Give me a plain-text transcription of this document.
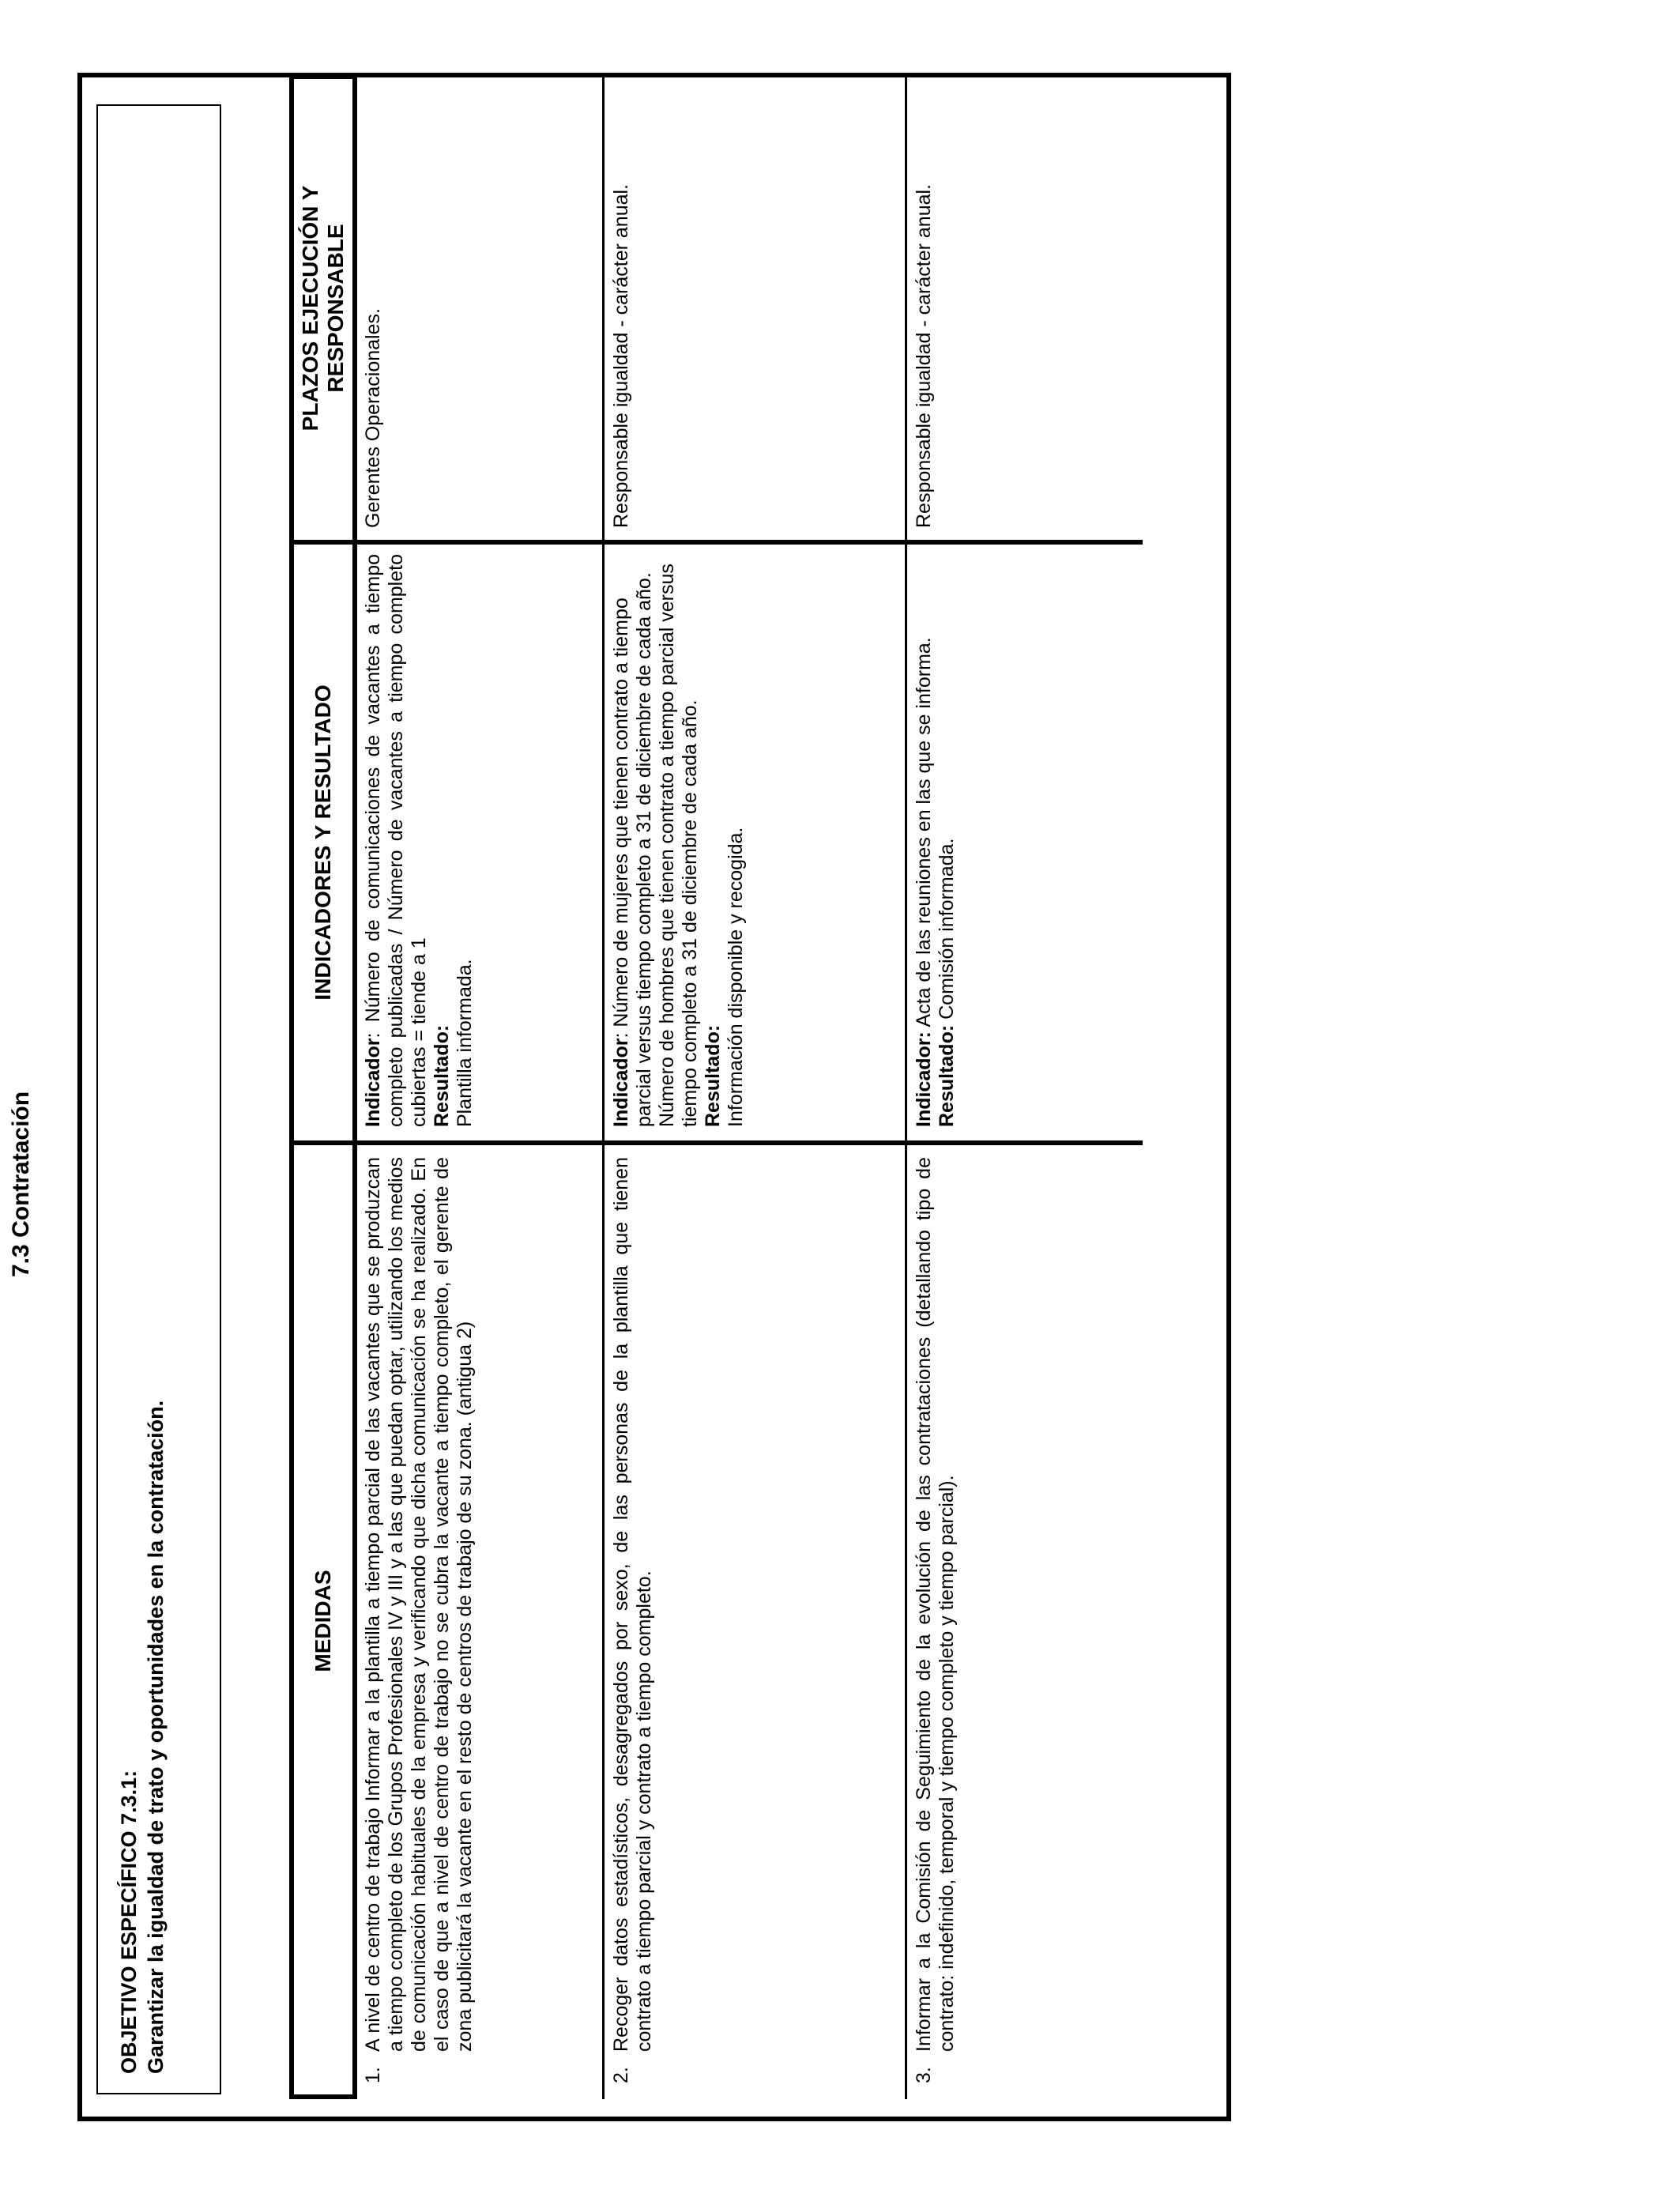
7.3 Contratación
OBJETIVO ESPECÍFICO 7.3.1: Garantizar la igualdad de trato y oportunidades en la contratación.	MEDIDAS
INDICADORES Y RESULTADO
PLAZOS EJECUCIÓN Y RESPONSABLE
1.
A nivel de centro de trabajo Informar a la plantilla a tiempo parcial de las vacantes que se produzcan a tiempo completo de los Grupos Profesionales IV y III y a las que puedan optar, utilizando los medios de comunicación habituales de la empresa y verificando que dicha comunicación se ha realizado. En el caso de que a nivel de centro de trabajo no se cubra la vacante a tiempo completo, el gerente de zona publicitará la vacante en el resto de centros de trabajo de su zona. (antigua 2)

Indicador: Número de comunicaciones de vacantes a tiempo completo publicadas / Número de vacantes a tiempo completo cubiertas = tiende a 1 Resultado: Plantilla informada.

Gerentes Operacionales.

2.
Recoger datos estadísticos, desagregados por sexo, de las personas de la plantilla que tienen contrato a tiempo parcial y contrato a tiempo completo.

Indicador: Número de mujeres que tienen contrato a tiempo parcial versus tiempo completo a 31 de diciembre de cada año. Número de hombres que tienen contrato a tiempo parcial versus tiempo completo a 31 de diciembre de cada año. Resultado: Información disponible y recogida.

Responsable igualdad - carácter anual.

3.
Informar a la Comisión de Seguimiento de la evolución de las contrataciones (detallando tipo de contrato: indefinido, temporal y tiempo completo y tiempo parcial).

Indicador: Acta de las reuniones en las que se informa.

Resultado: Comisión informada.

Responsable igualdad - carácter anual.
